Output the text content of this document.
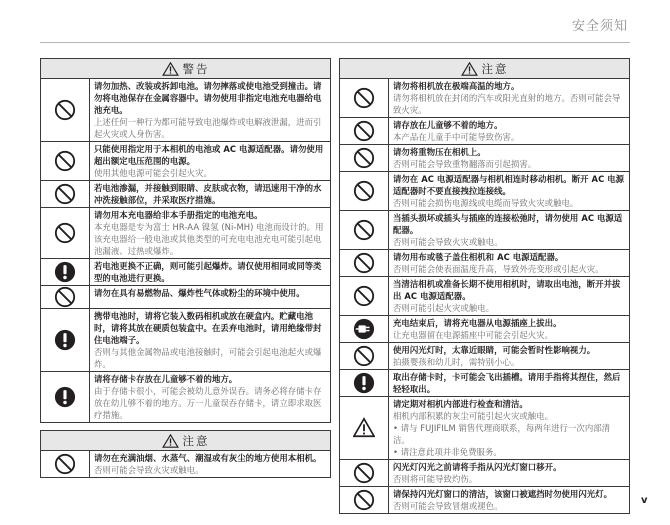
安全须知
警告
请勿加热、改装或拆卸电池。请勿摔落或使电池受到撞击。请勿将电池保存在金属容器中。请勿使用非指定电池充电器给电池充电。
上述任何一种行为都可能导致电池爆炸或电解液泄漏，进而引起火灾或人身伤害。
只能使用指定用于本相机的电池或 AC 电源适配器。请勿使用超出额定电压范围的电源。
使用其他电源可能会引起火灾。
若电池渗漏，并接触到眼睛、皮肤或衣物，请迅速用干净的水冲洗接触部位，并采取医疗措施。
请勿用本充电器给非本手册指定的电池充电。
本充电器是专为富士 HR-AA 镍氢 (Ni-MH) 电池而设计的。用该充电器给一般电池或其他类型的可充电电池充电可能引起电池漏液、过热或爆炸。
若电池更换不正确，则可能引起爆炸。请仅使用相同或同等类型的电池进行更换。
请勿在具有易燃物品、爆炸性气体或粉尘的环境中使用。
携带电池时，请将它装入数码相机或放在硬盒内。贮藏电池时，请将其放在硬质包装盒中。在丢弃电池时，请用绝缘带封住电池端子。
否则与其他金属物品或电池接触时，可能会引起电池起火或爆炸。
请将存储卡存放在儿童够不着的地方。
由于存储卡很小，可能会被幼儿意外误吞。请务必将存储卡存放在幼儿够不着的地方。万一儿童误吞存储卡，请立即求取医疗措施。
注意
请勿在充满油烟、水蒸气、潮湿或有灰尘的地方使用本相机。
否则可能会导致火灾或触电。
注意
请勿将相机放在极端高温的地方。
请勿将相机放在封闭的汽车或阳光直射的地方。否则可能会导致火灾。
请存放在儿童够不着的地方。
本产品在儿童手中可能导致伤害。
请勿将重物压在相机上。
否则可能会导致重物翻落而引起损害。
请勿在 AC 电源适配器与相机相连时移动相机。断开 AC 电源适配器时不要直接拽拉连接线。
否则可能会损伤电源线或电缆而导致火灾或触电。
当插头损坏或插头与插座的连接松弛时，请勿使用 AC 电源适配器。
否则可能会导致火灾或触电。
请勿用布或毯子盖住相机和 AC 电源适配器。
否则可能会使表面温度升高，导致外壳变形或引起火灾。
当清洁相机或准备长期不使用相机时，请取出电池，断开并拔出 AC 电源适配器。
否则可能引起火灾或触电。
充电结束后，请将充电器从电源插座上拔出。
让充电器留在电源插座中可能会引起火灾。
使用闪光灯时，太靠近眼睛，可能会暂时性影响视力。
拍摄婴孩和幼儿时，需特别小心。
取出存储卡时，卡可能会飞出插槽。请用手指将其捏住，然后轻轻取出。
请定期对相机内部进行检查和清洁。
相机内部积累的灰尘可能引起火灾或触电。
• 请与 FUJIFILM 销售代理商联系，每两年进行一次内部清洁。
• 请注意此项并非免费服务。
闪光灯闪光之前请将手指从闪光灯窗口移开。
否则将可能导致灼伤。
请保持闪光灯窗口的清洁，该窗口被遮挡时勿使用闪光灯。
否则可能会导致冒烟或褪色。	v
